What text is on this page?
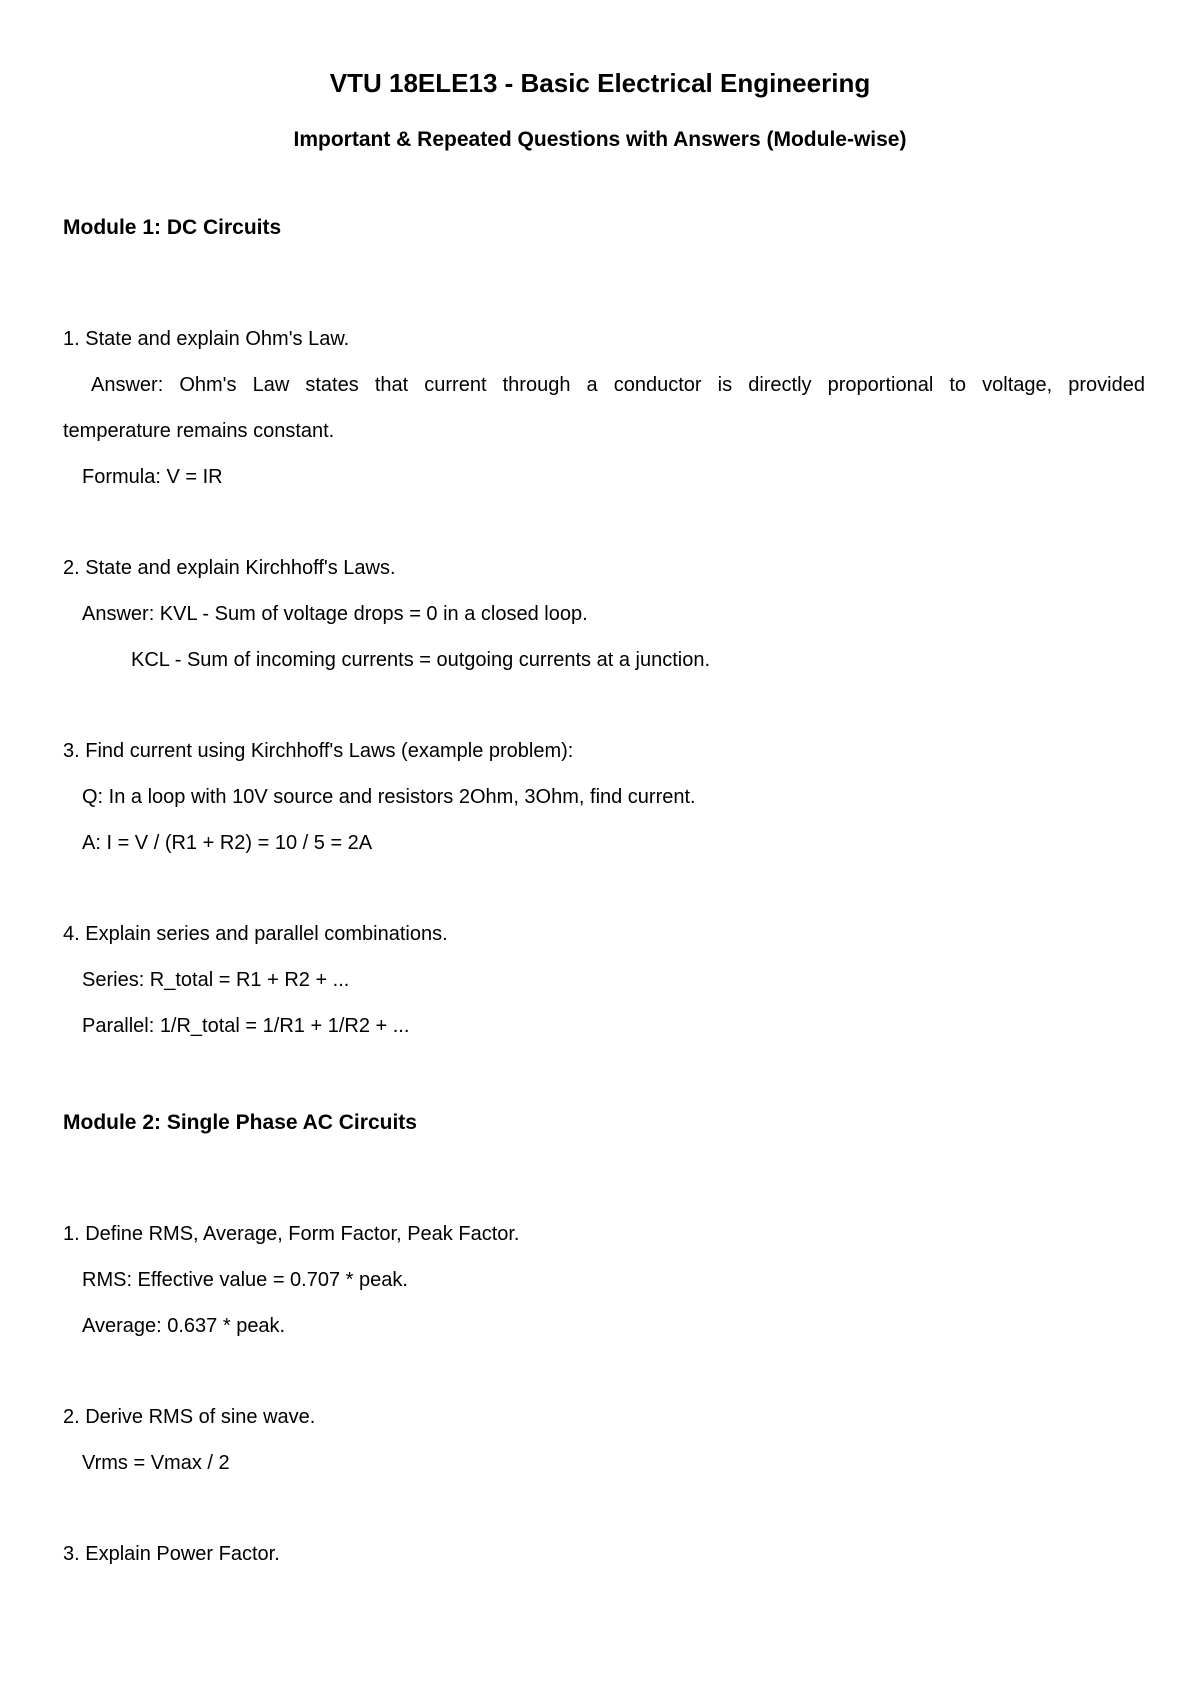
VTU 18ELE13 - Basic Electrical Engineering
Important & Repeated Questions with Answers (Module-wise)
Module 1: DC Circuits
1. State and explain Ohm's Law.
Answer: Ohm's Law states that current through a conductor is directly proportional to voltage, provided
temperature remains constant.
Formula: V = IR
2. State and explain Kirchhoff's Laws.
Answer: KVL - Sum of voltage drops = 0 in a closed loop.
KCL - Sum of incoming currents = outgoing currents at a junction.
3. Find current using Kirchhoff's Laws (example problem):
Q: In a loop with 10V source and resistors 2Ohm, 3Ohm, find current.
A: I = V / (R1 + R2) = 10 / 5 = 2A
4. Explain series and parallel combinations.
Series: R_total = R1 + R2 + ...
Parallel: 1/R_total = 1/R1 + 1/R2 + ...
Module 2: Single Phase AC Circuits
1. Define RMS, Average, Form Factor, Peak Factor.
RMS: Effective value = 0.707 * peak.
Average: 0.637 * peak.
2. Derive RMS of sine wave.
Vrms = Vmax / 2
3. Explain Power Factor.
